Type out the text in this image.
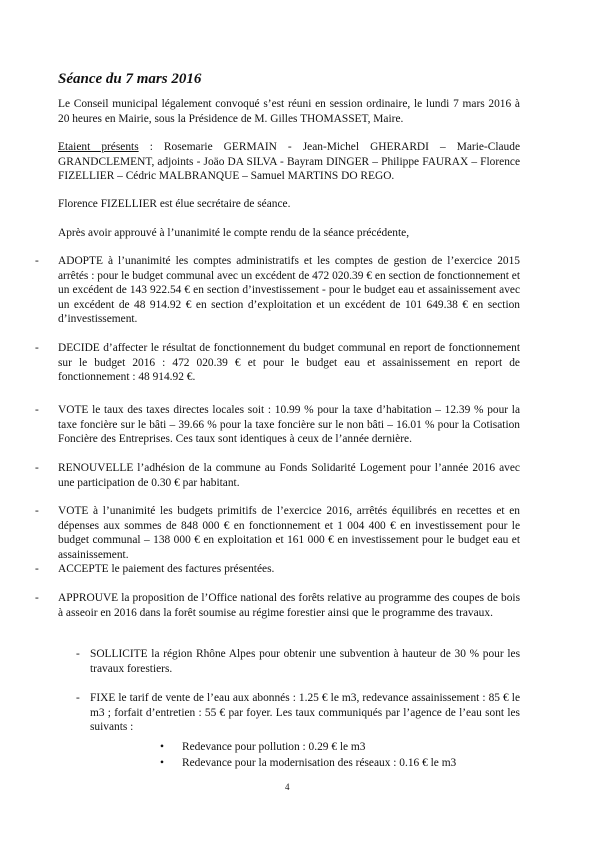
Séance du 7 mars 2016

Le Conseil municipal légalement convoqué s’est réuni en session ordinaire, le lundi 7 mars 2016 à 20 heures en Mairie, sous la Présidence de M. Gilles THOMASSET, Maire.

Etaient présents : Rosemarie GERMAIN - Jean-Michel GHERARDI – Marie-Claude GRANDCLEMENT, adjoints - Joäo DA SILVA - Bayram DINGER – Philippe FAURAX – Florence FIZELLIER – Cédric MALBRANQUE – Samuel MARTINS DO REGO.

Florence FIZELLIER est élue secrétaire de séance.

Après avoir approuvé à l’unanimité le compte rendu de la séance précédente,

-	ADOPTE à l’unanimité les comptes administratifs et les comptes de gestion de l’exercice 2015 arrêtés : pour le budget communal avec un excédent de 472 020.39 € en section de fonctionnement et un excédent de 143 922.54 € en section d’investissement - pour le budget eau et assainissement avec un excédent de 48 914.92 € en section d’exploitation et un excédent de 101 649.38 € en section d’investissement.
-	DECIDE d’affecter le résultat de fonctionnement du budget communal en report de fonctionnement sur le budget 2016 : 472 020.39 € et pour le budget eau et assainissement en report de fonctionnement : 48 914.92 €.
-	VOTE le taux des taxes directes locales soit : 10.99 % pour la taxe d’habitation – 12.39 % pour la taxe foncière sur le bâti – 39.66 % pour la taxe foncière sur le non bâti – 16.01 % pour la Cotisation Foncière des Entreprises. Ces taux sont identiques à ceux de l’année dernière.
-	RENOUVELLE l’adhésion de la commune au Fonds Solidarité Logement pour l’année 2016 avec une participation de 0.30 € par habitant.
-	VOTE à l’unanimité les budgets primitifs de l’exercice 2016, arrêtés équilibrés en recettes et en dépenses aux sommes de 848 000 € en fonctionnement et 1 004 400 € en investissement pour le budget communal – 138 000 € en exploitation et 161 000 € en investissement pour le budget eau et assainissement.
-	ACCEPTE le paiement des factures présentées.
-	APPROUVE la proposition de l’Office national des forêts relative au programme des coupes de bois à asseoir en 2016 dans la forêt soumise au régime forestier ainsi que le programme des travaux.
- SOLLICITE la région Rhône Alpes pour obtenir une subvention à hauteur de 30 % pour les travaux forestiers.
- FIXE le tarif de vente de l’eau aux abonnés : 1.25 € le m3, redevance assainissement : 85 € le m3 ; forfait d’entretien : 55 € par foyer. Les taux communiqués par l’agence de l’eau sont les suivants :
• Redevance pour pollution : 0.29 € le m3
• Redevance pour la modernisation des réseaux : 0.16 € le m3
4
